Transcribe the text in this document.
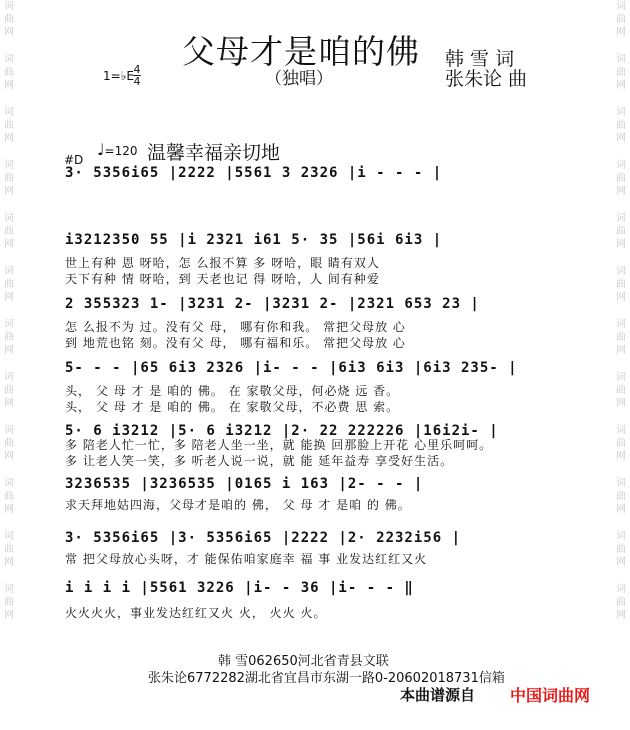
词
曲
网
词
曲
网
词
曲
网
词
曲
网
词
曲
网
词
曲
网
词
曲
网
词
曲
网
词
曲
网
词
曲
网
词
曲
网
词
曲
网
词
曲
网
词
曲
网
词
曲
网
词
曲
网
词
曲
网
词
曲
网
词
曲
网
词
曲
网
词
曲
网
词
曲
网
词
曲
网
词
曲
网
父母才是咱的佛
（独唱）
韩 雪 词
张朱论 曲
1=♭E 4
4
♩=120 温馨幸福亲切地
#D
3· 5356i65 |2222 |5561 3 2326 |i - - - |
i3212350 55 |i 2321 i61 5· 35 |56i 6i3 |
世上有种 恩 呀哈，怎 么报不算 多 呀哈，眼 睛有双人
天下有种 情 呀哈，到 天老也记 得 呀哈，人 间有种爱
2 355323 1- |3231 2- |3231 2- |2321 653 23 |
怎 么报不为 过。没有父 母， 哪有你和我。 常把父母放 心
到 地荒也铭 刻。没有父 母， 哪有福和乐。 常把父母放 心
5- - - |65 6i3 2326 |i- - - |6i3 6i3 |6i3 235- |
头， 父 母 才 是 咱的 佛。 在 家敬父母，何必烧 远 香。
头， 父 母 才 是 咱的 佛。 在 家敬父母，不必费 思 索。
5· 6 i3212 |5· 6 i3212 |2· 22 222226 |16i2i- |
多 陪老人忙一忙，多 陪老人坐一坐，就 能换 回那脸上开花 心里乐呵呵。
多 让老人笑一笑，多 听老人说一说，就 能 延年益寿 享受好生活。
3236535 |3236535 |0165 i 163 |2- - - |
求天拜地姑四海，父母才是咱的 佛， 父 母 才 是咱 的 佛。
3· 5356i65 |3· 5356i65 |2222 |2· 2232i56 |
常 把父母放心头呀，才 能保佑咱家庭幸 福 事 业发达红红又火
i i i i |5561 3226 |i- - 36 |i- - - ‖
火火火火，事业发达红红又火 火， 火火 火。
韩 雪062650河北省青县文联
张朱论6772282湖北省宜昌市东湖一路0-20602018731信箱
本曲谱源自 中国词曲网
